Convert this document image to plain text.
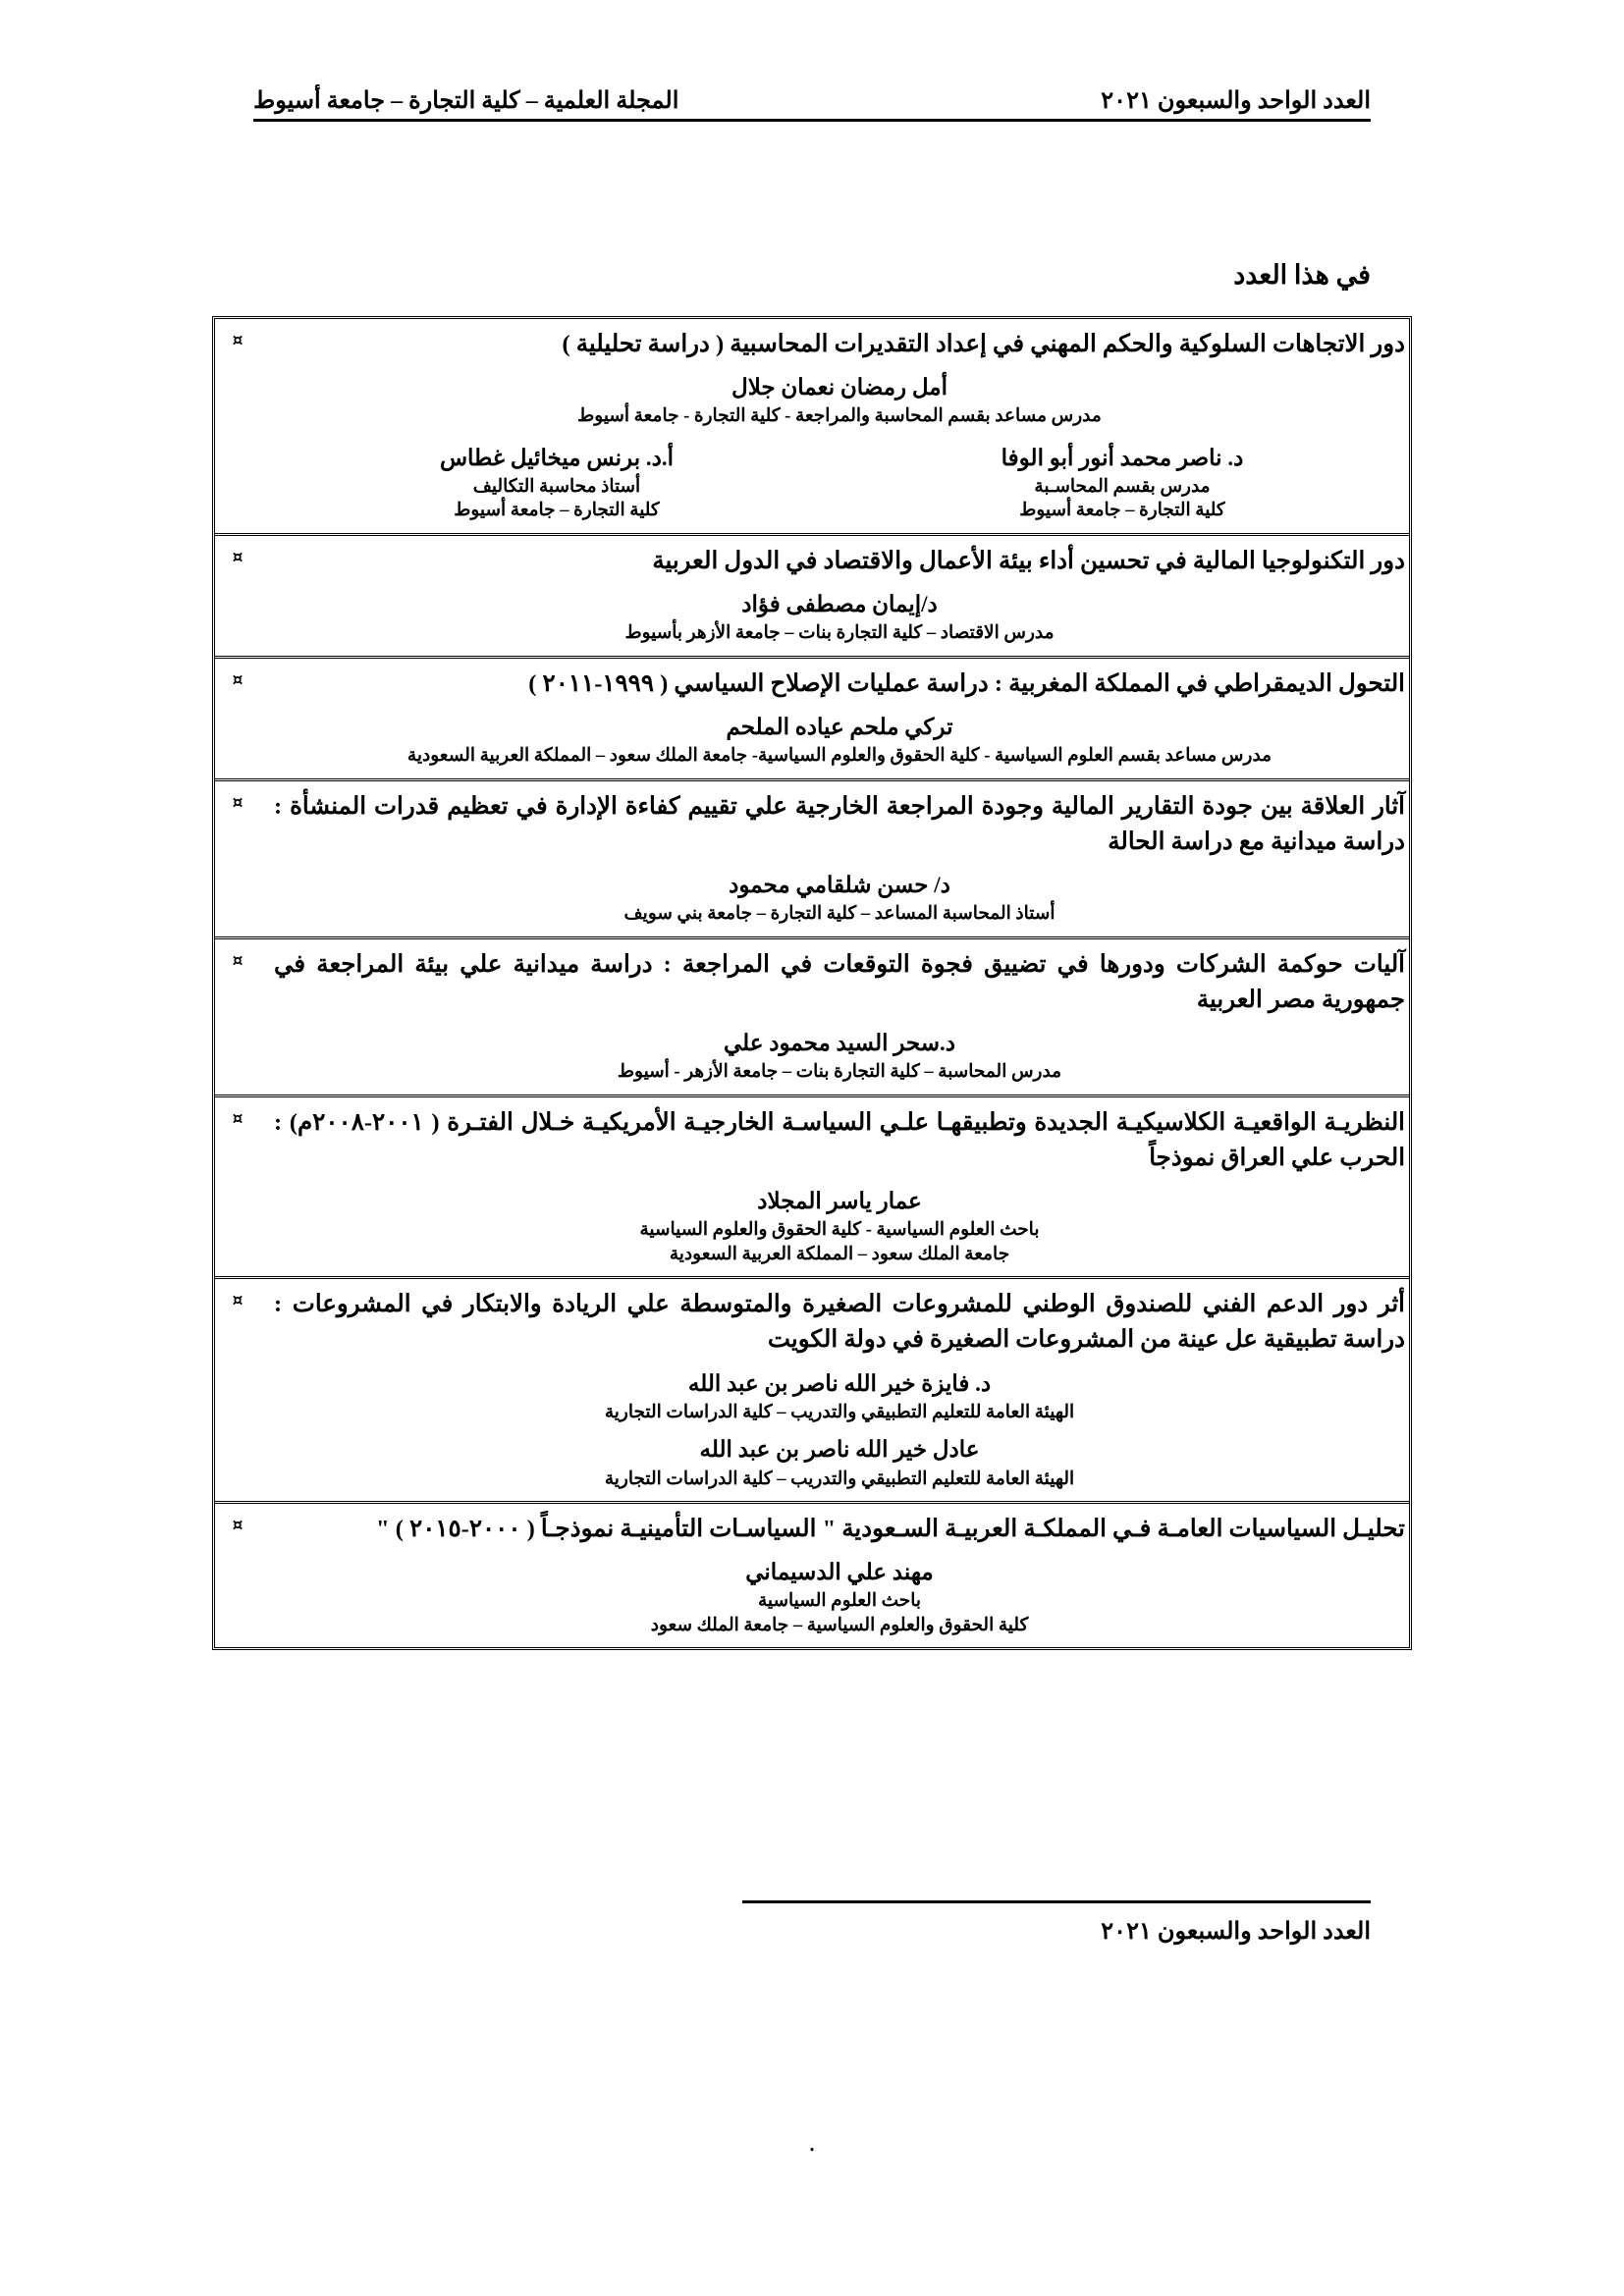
المجلة العلمية – كلية التجارة – جامعة أسيوط	العدد الواحد والسبعون ٢٠٢١
في هذا العدد
دور الاتجاهات السلوكية والحكم المهني في إعداد التقديرات المحاسبية ( دراسة تحليلية )
أمل رمضان نعمان جلال
مدرس مساعد بقسم المحاسبة والمراجعة - كلية التجارة - جامعة أسيوط
أ.د. برنس ميخائيل غطاس
أستاذ محاسبة التكاليف
كلية التجارة – جامعة أسيوط
د. ناصر محمد أنور أبو الوفا
مدرس بقسم المحاسـبة
كلية التجارة – جامعة أسيوط
¤
دور التكنولوجيا المالية في تحسين أداء بيئة الأعمال والاقتصاد في الدول العربية
د/إيمان مصطفى فؤاد
مدرس الاقتصاد – كلية التجارة بنات – جامعة الأزهر بأسيوط
¤
التحول الديمقراطي في المملكة المغربية : دراسة عمليات الإصلاح السياسي ( ١٩٩٩-٢٠١١ )
تركي ملحم عياده الملحم
مدرس مساعد بقسم العلوم السياسية - كلية الحقوق والعلوم السياسية- جامعة الملك سعود – المملكة العربية السعودية
¤
آثار العلاقة بين جودة التقارير المالية وجودة المراجعة الخارجية علي تقييم كفاءة الإدارة في تعظيم قدرات المنشأة : دراسة ميدانية مع دراسة الحالة
د/ حسن شلقامي محمود
أستاذ المحاسبة المساعد – كلية التجارة – جامعة بني سويف
¤
آليات حوكمة الشركات ودورها في تضييق فجوة التوقعات في المراجعة : دراسة ميدانية علي بيئة المراجعة في جمهورية مصر العربية
د.سحر السيد محمود علي
مدرس المحاسبة – كلية التجارة بنات – جامعة الأزهر - أسيوط
¤
النظريـة الواقعيـة الكلاسيكيـة الجديدة وتطبيقهـا علـي السياسـة الخارجيـة الأمريكيـة خـلال الفتـرة ( ٢٠٠١-٢٠٠٨م) : الحرب علي العراق نموذجاً
عمار ياسر المجلاد
باحث العلوم السياسية - كلية الحقوق والعلوم السياسية
جامعة الملك سعود – المملكة العربية السعودية
¤
أثر دور الدعم الفني للصندوق الوطني للمشروعات الصغيرة والمتوسطة علي الريادة والابتكار في المشروعات : دراسة تطبيقية عل عينة من المشروعات الصغيرة في دولة الكويت
د. فايزة خير الله ناصر بن عبد الله
الهيئة العامة للتعليم التطبيقي والتدريب – كلية الدراسات التجارية
عادل خير الله ناصر بن عبد الله
الهيئة العامة للتعليم التطبيقي والتدريب – كلية الدراسات التجارية
¤
تحليـل السياسيات العامـة فـي المملكـة العربيـة السـعودية " السياسـات التأمينيـة نموذجـاً ( ٢٠٠٠-٢٠١٥ ) "
مهند علي الدسيماني
باحث العلوم السياسية
كلية الحقوق والعلوم السياسية – جامعة الملك سعود
¤
العدد الواحد والسبعون ٢٠٢١
٠
